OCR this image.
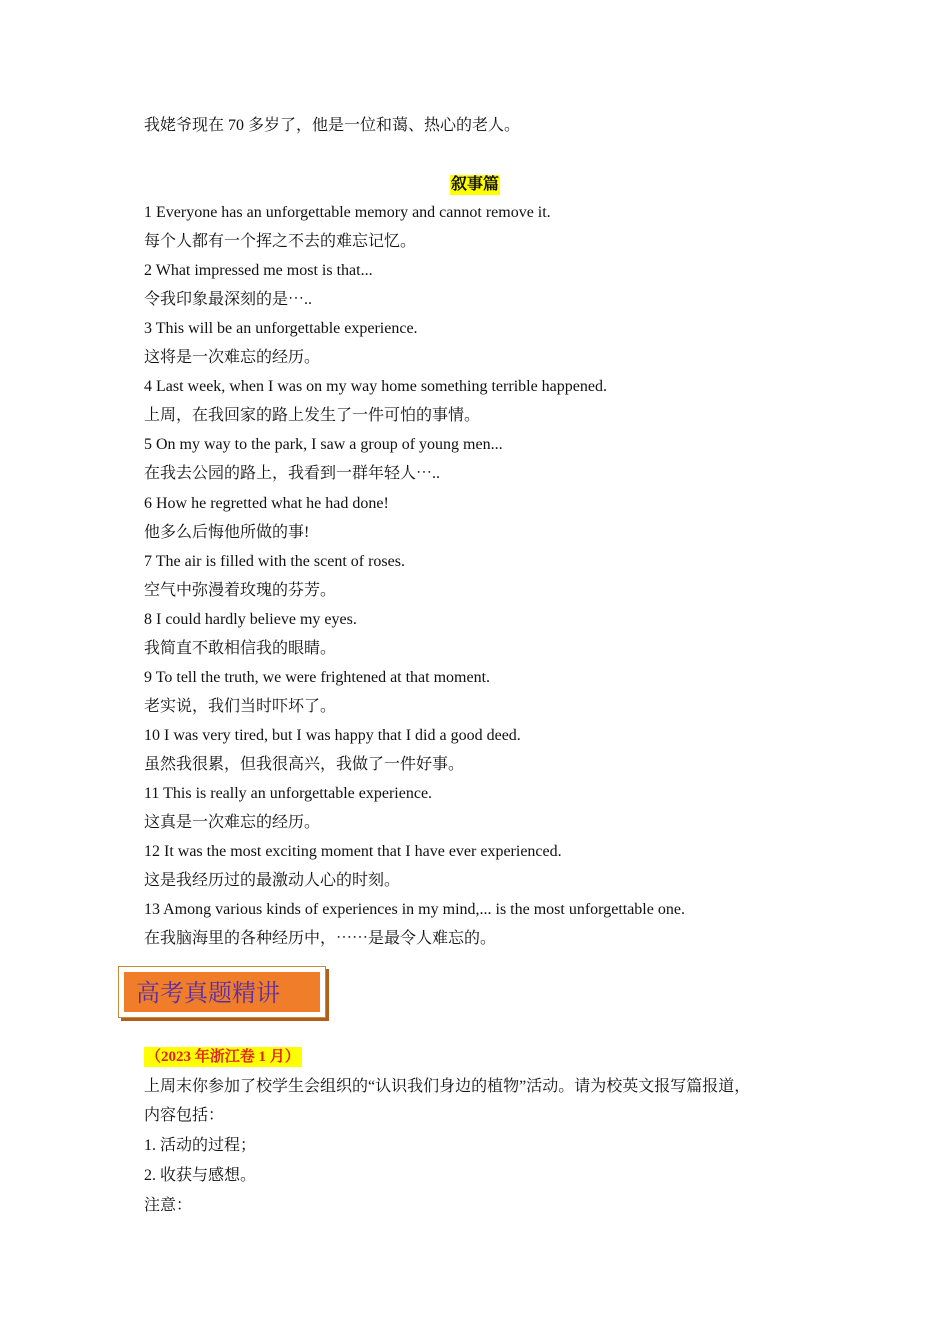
我姥爷现在 70 多岁了，他是一位和蔼、热心的老人。
叙事篇
1 Everyone has an unforgettable memory and cannot remove it.
每个人都有一个挥之不去的难忘记忆。
2 What impressed me most is that...
令我印象最深刻的是⋯..
3 This will be an unforgettable experience.
这将是一次难忘的经历。
4 Last week, when I was on my way home something terrible happened.
上周，在我回家的路上发生了一件可怕的事情。
5 On my way to the park, I saw a group of young men...
在我去公园的路上，我看到一群年轻人⋯..
6 How he regretted what he had done!
他多么后悔他所做的事!
7 The air is filled with the scent of roses.
空气中弥漫着玫瑰的芬芳。
8 I could hardly believe my eyes.
我简直不敢相信我的眼睛。
9 To tell the truth, we were frightened at that moment.
老实说，我们当时吓坏了。
10 I was very tired, but I was happy that I did a good deed.
虽然我很累，但我很高兴，我做了一件好事。
11 This is really an unforgettable experience.
这真是一次难忘的经历。
12 It was the most exciting moment that I have ever experienced.
这是我经历过的最激动人心的时刻。
13 Among various kinds of experiences in my mind,... is the most unforgettable one.
在我脑海里的各种经历中，⋯⋯是最令人难忘的。
高考真题精讲
（2023 年浙江卷 1 月）
上周末你参加了校学生会组织的“认识我们身边的植物”活动。请为校英文报写篇报道，
内容包括：
1. 活动的过程；
2. 收获与感想。
注意：
